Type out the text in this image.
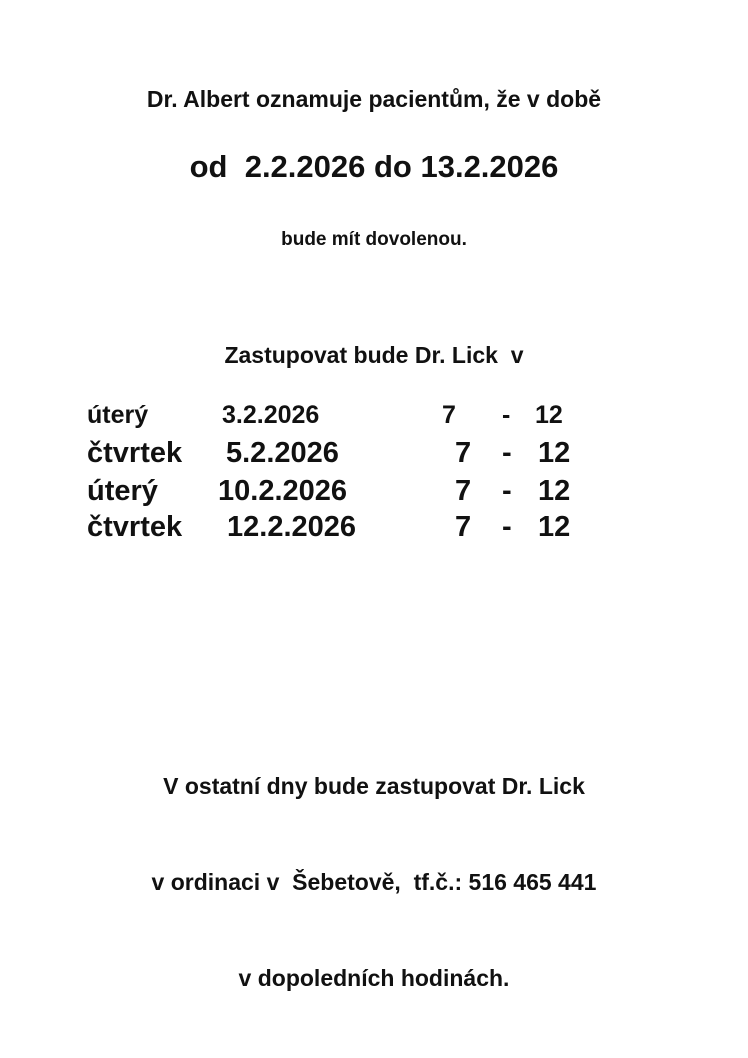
Dr. Albert oznamuje pacientům, že v době
od  2.2.2026 do 13.2.2026
bude mít dovolenou.
Zastupovat bude Dr. Lick  v
úterý	3.2.2026	7 - 12
čtvrtek 5.2.2026	7 - 12
úterý 10.2.2026	7 - 12
čtvrtek 12.2.2026	7 - 12

V ostatní dny bude zastupovat Dr. Lick

v ordinaci v  Šebetově,  tf.č.: 516 465 441

v dopoledních hodinách.
